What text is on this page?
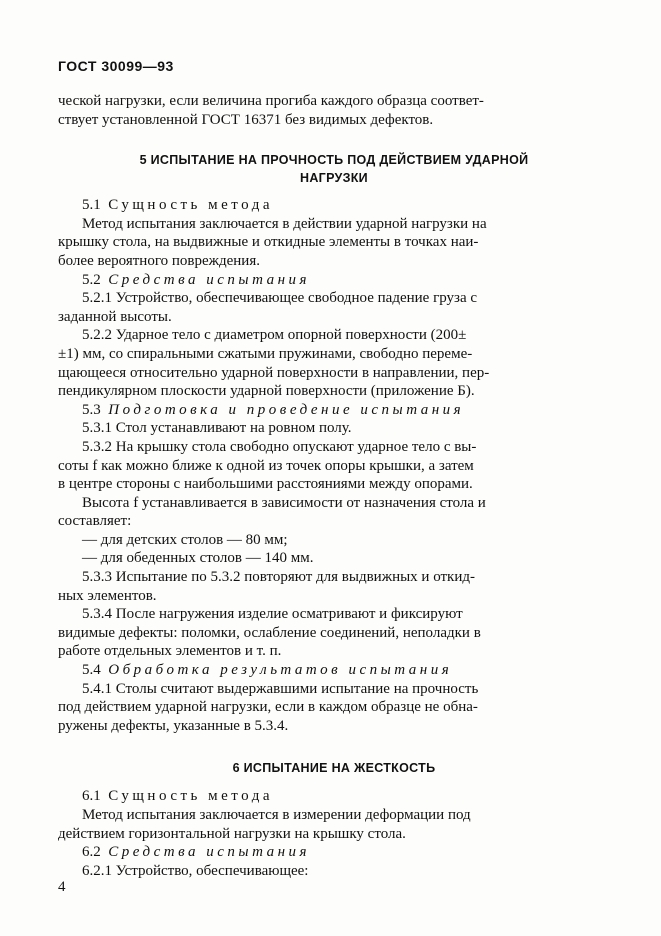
ГОСТ 30099—93

ческой нагрузки, если величина прогиба каждого образца соответ-

ствует установленной ГОСТ 16371 без видимых дефектов.

5 ИСПЫТАНИЕ НА ПРОЧНОСТЬ ПОД ДЕЙСТВИЕМ УДАРНОЙ
НАГРУЗКИ

5.1 Сущность метода

Метод испытания заключается в действии ударной нагрузки на

крышку стола, на выдвижные и откидные элементы в точках наи-

более вероятного повреждения.

5.2 Средства испытания

5.2.1 Устройство, обеспечивающее свободное падение груза с

заданной высоты.

5.2.2 Ударное тело с диаметром опорной поверхности (200±

±1) мм, со спиральными сжатыми пружинами, свободно переме-

щающееся относительно ударной поверхности в направлении, пер-

пендикулярном плоскости ударной поверхности (приложение Б).

5.3 Подготовка и проведение испытания

5.3.1 Стол устанавливают на ровном полу.

5.3.2 На крышку стола свободно опускают ударное тело с вы-

соты f как можно ближе к одной из точек опоры крышки, а затем

в центре стороны с наибольшими расстояниями между опорами.

Высота f устанавливается в зависимости от назначения стола и

составляет:

— для детских столов — 80 мм;

— для обеденных столов — 140 мм.

5.3.3 Испытание по 5.3.2 повторяют для выдвижных и откид-

ных элементов.

5.3.4 После нагружения изделие осматривают и фиксируют

видимые дефекты: поломки, ослабление соединений, неполадки в

работе отдельных элементов и т. п.

5.4 Обработка результатов испытания

5.4.1 Столы считают выдержавшими испытание на прочность

под действием ударной нагрузки, если в каждом образце не обна-

ружены дефекты, указанные в 5.3.4.

6 ИСПЫТАНИЕ НА ЖЕСТКОСТЬ

6.1 Сущность метода

Метод испытания заключается в измерении деформации под

действием горизонтальной нагрузки на крышку стола.

6.2 Средства испытания

6.2.1 Устройство, обеспечивающее:

4
